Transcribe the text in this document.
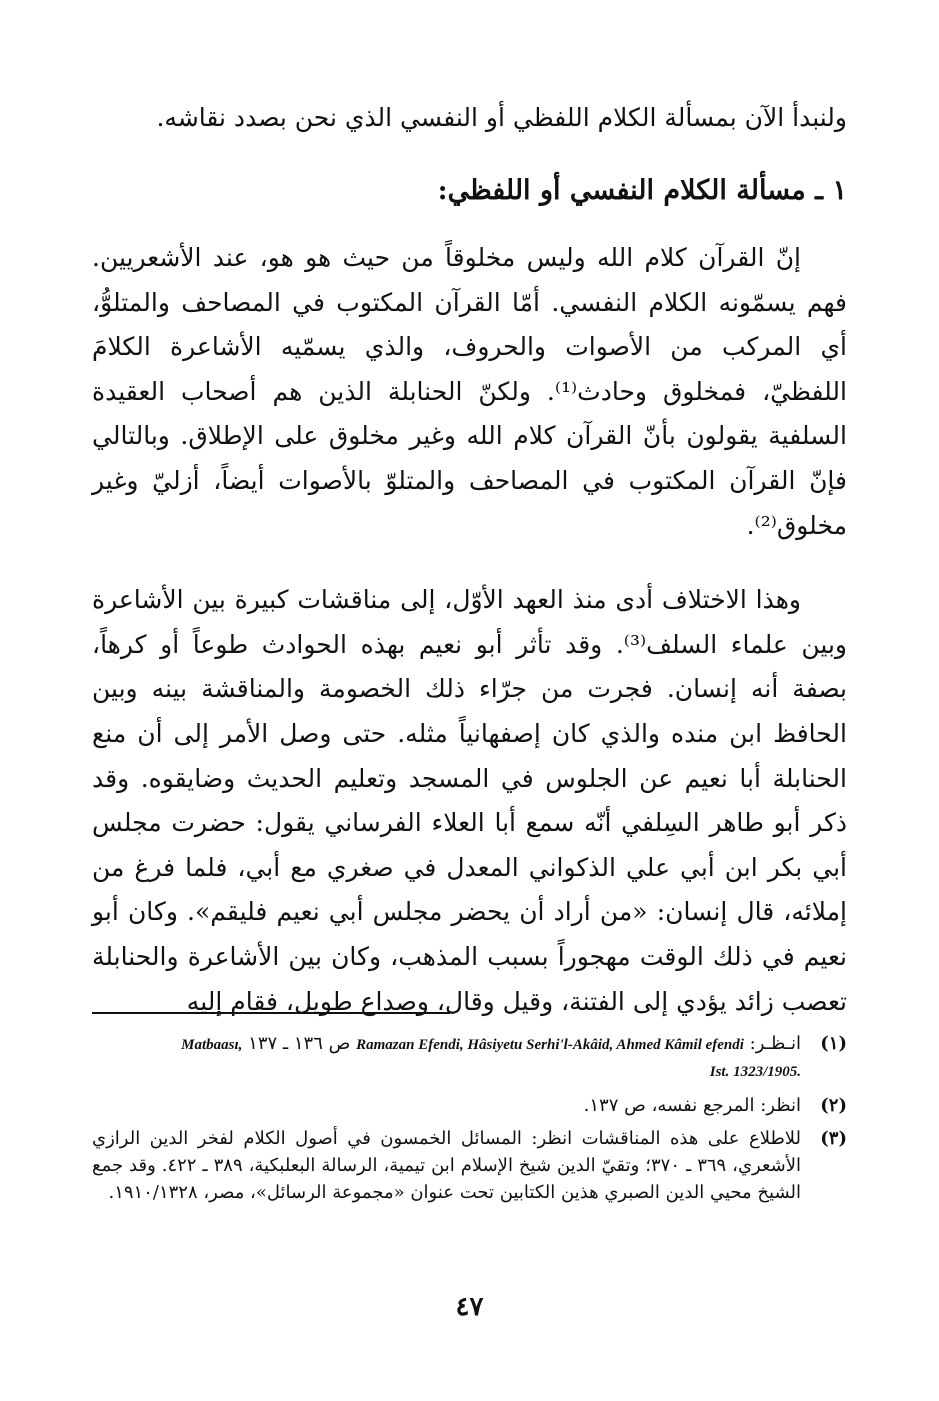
ولنبدأ الآن بمسألة الكلام اللفظي أو النفسي الذي نحن بصدد نقاشه.

١ ـ مسألة الكلام النفسي أو اللفظي:

إنّ القرآن كلام الله وليس مخلوقاً من حيث هو هو، عند الأشعريين. فهم يسمّونه الكلام النفسي. أمّا القرآن المكتوب في المصاحف والمتلوُّ، أي المركب من الأصوات والحروف، والذي يسمّيه الأشاعرة الكلامَ اللفظيّ، فمخلوق وحادث⁽¹⁾. ولكنّ الحنابلة الذين هم أصحاب العقيدة السلفية يقولون بأنّ القرآن كلام الله وغير مخلوق على الإطلاق. وبالتالي فإنّ القرآن المكتوب في المصاحف والمتلوّ بالأصوات أيضاً، أزليّ وغير مخلوق⁽²⁾.

وهذا الاختلاف أدى منذ العهد الأوّل، إلى مناقشات كبيرة بين الأشاعرة وبين علماء السلف⁽³⁾. وقد تأثر أبو نعيم بهذه الحوادث طوعاً أو كرهاً، بصفة أنه إنسان. فجرت من جرّاء ذلك الخصومة والمناقشة بينه وبين الحافظ ابن منده والذي كان إصفهانياً مثله. حتى وصل الأمر إلى أن منع الحنابلة أبا نعيم عن الجلوس في المسجد وتعليم الحديث وضايقوه. وقد ذكر أبو طاهر السِلفي أنّه سمع أبا العلاء الفرساني يقول: حضرت مجلس أبي بكر ابن أبي علي الذكواني المعدل في صغري مع أبي، فلما فرغ من إملائه، قال إنسان: «من أراد أن يحضر مجلس أبي نعيم فليقم». وكان أبو نعيم في ذلك الوقت مهجوراً بسبب المذهب، وكان بين الأشاعرة والحنابلة تعصب زائد يؤدي إلى الفتنة، وقيل وقال، وصداع طويل، فقام إليه

(١)
انـظـر: Ramazan Efendi, Hâsiyetu Serhi'l-Akâid, Ahmed Kâmil efendi ص ١٣٦ ـ ١٣٧ Matbaası,
Ist. 1323/1905.
(٢)
انظر: المرجع نفسه، ص ١٣٧.
(٣)
للاطلاع على هذه المناقشات انظر: المسائل الخمسون في أصول الكلام لفخر الدين الرازي الأشعري، ٣٦٩ ـ ٣٧٠؛ وتقيّ الدين شيخ الإسلام ابن تيمية، الرسالة البعلبكية، ٣٨٩ ـ ٤٢٢. وقد جمع الشيخ محيي الدين الصبري هذين الكتابين تحت عنوان «مجموعة الرسائل»، مصر، ١٩١٠/١٣٢٨.
٤٧
